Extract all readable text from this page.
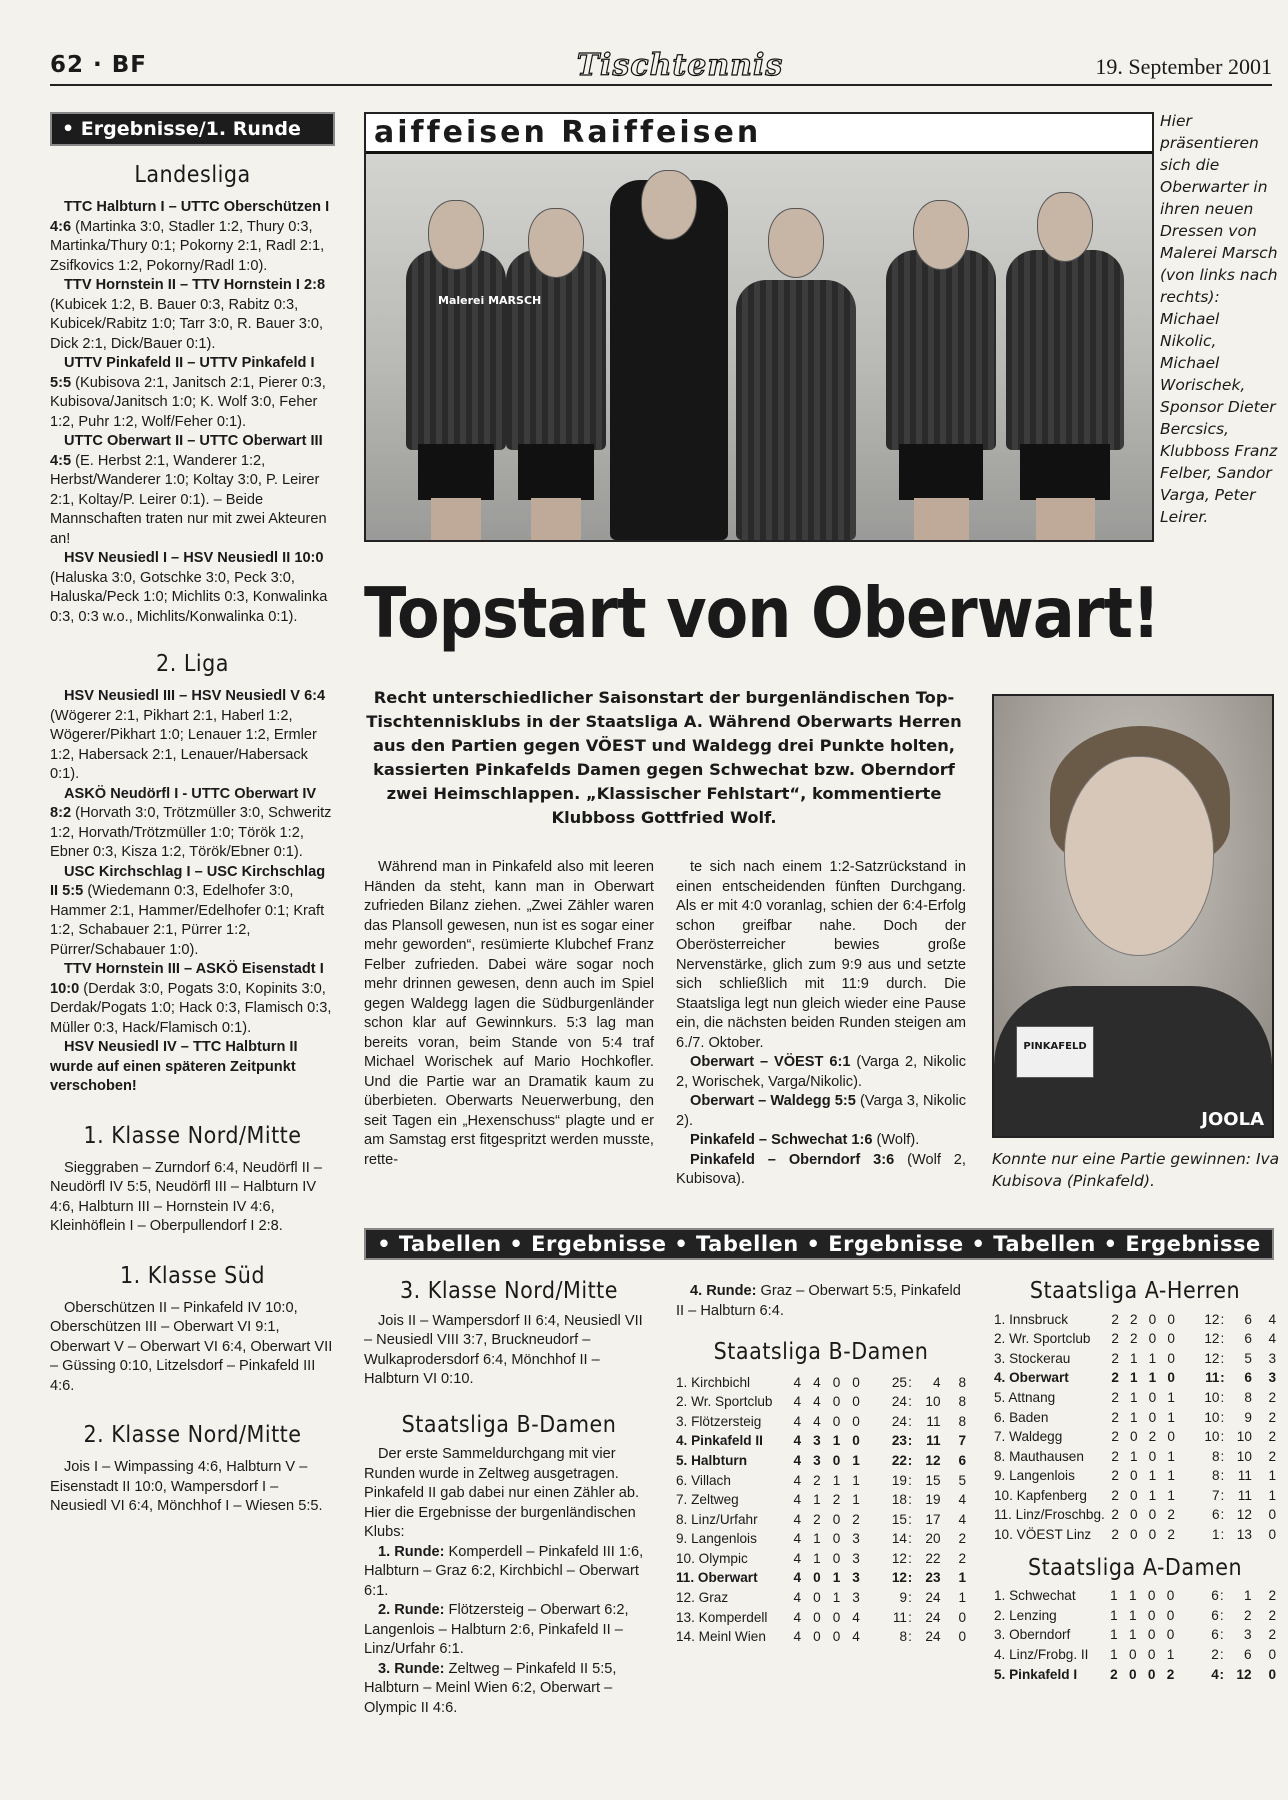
62 · BF	Tischtennis	19. September 2001
• Ergebnisse/1. Runde
Landesliga

TTC Halbturn I – UTTC Oberschützen I 4:6 (Martinka 3:0, Stadler 1:2, Thury 0:3, Martinka/Thury 0:1; Pokorny 2:1, Radl 2:1, Zsifkovics 1:2, Pokorny/Radl 1:0).

TTV Hornstein II – TTV Hornstein I 2:8 (Kubicek 1:2, B. Bauer 0:3, Rabitz 0:3, Kubicek/Rabitz 1:0; Tarr 3:0, R. Bauer 3:0, Dick 2:1, Dick/Bauer 0:1).

UTTV Pinkafeld II – UTTV Pinkafeld I 5:5 (Kubisova 2:1, Janitsch 2:1, Pierer 0:3, Kubisova/Janitsch 1:0; K. Wolf 3:0, Feher 1:2, Puhr 1:2, Wolf/Feher 0:1).

UTTC Oberwart II – UTTC Oberwart III 4:5 (E. Herbst 2:1, Wanderer 1:2, Herbst/Wanderer 1:0; Koltay 3:0, P. Leirer 2:1, Koltay/P. Leirer 0:1). – Beide Mannschaften traten nur mit zwei Akteuren an!

HSV Neusiedl I – HSV Neusiedl II 10:0 (Haluska 3:0, Gotschke 3:0, Peck 3:0, Haluska/Peck 1:0; Michlits 0:3, Konwalinka 0:3, 0:3 w.o., Michlits/Konwalinka 0:1).

2. Liga

HSV Neusiedl III – HSV Neusiedl V 6:4 (Wögerer 2:1, Pikhart 2:1, Haberl 1:2, Wögerer/Pikhart 1:0; Lenauer 1:2, Ermler 1:2, Habersack 2:1, Lenauer/Habersack 0:1).

ASKÖ Neudörfl I - UTTC Oberwart IV 8:2 (Horvath 3:0, Trötzmüller 3:0, Schweritz 1:2, Horvath/Trötzmüller 1:0; Török 1:2, Ebner 0:3, Kisza 1:2, Török/Ebner 0:1).

USC Kirchschlag I – USC Kirchschlag II 5:5 (Wiedemann 0:3, Edelhofer 3:0, Hammer 2:1, Hammer/Edelhofer 0:1; Kraft 1:2, Schabauer 2:1, Pürrer 1:2, Pürrer/Schabauer 1:0).

TTV Hornstein III – ASKÖ Eisenstadt I 10:0 (Derdak 3:0, Pogats 3:0, Kopinits 3:0, Derdak/Pogats 1:0; Hack 0:3, Flamisch 0:3, Müller 0:3, Hack/Flamisch 0:1).

HSV Neusiedl IV – TTC Halbturn II wurde auf einen späteren Zeitpunkt verschoben!

1. Klasse Nord/Mitte

Sieggraben – Zurndorf 6:4, Neudörfl II – Neudörfl IV 5:5, Neudörfl III – Halbturn IV 4:6, Halbturn III – Hornstein IV 4:6, Kleinhöflein I – Oberpullendorf I 2:8.

1. Klasse Süd

Oberschützen II – Pinkafeld IV 10:0, Oberschützen III – Oberwart VI 9:1, Oberwart V – Oberwart VI 6:4, Oberwart VII – Güssing 0:10, Litzelsdorf – Pinkafeld III 4:6.

2. Klasse Nord/Mitte

Jois I – Wimpassing 4:6, Halbturn V – Eisenstadt II 10:0, Wampersdorf I – Neusiedl VI 6:4, Mönchhof I – Wiesen 5:5.

aiffeisen Raiffeisen
Malerei MARSCH
Hier präsentieren sich die Oberwarter in ihren neuen Dressen von Malerei Marsch (von links nach rechts): Michael Nikolic, Michael Worischek, Sponsor Dieter Bercsics, Klubboss Franz Felber, Sandor Varga, Peter Leirer.
Topstart von Oberwart!
Recht unterschiedlicher Saisonstart der burgenländischen Top-Tischtennisklubs in der Staatsliga A. Während Oberwarts Herren aus den Partien gegen VÖEST und Waldegg drei Punkte holten, kassierten Pinkafelds Damen gegen Schwechat bzw. Oberndorf zwei Heimschlappen. „Klassischer Fehlstart“, kommentierte Klubboss Gottfried Wolf.

Während man in Pinkafeld also mit leeren Händen da steht, kann man in Oberwart zufrieden Bilanz ziehen. „Zwei Zähler waren das Plansoll gewesen, nun ist es sogar einer mehr geworden“, resümierte Klubchef Franz Felber zufrieden. Dabei wäre sogar noch mehr drinnen gewesen, denn auch im Spiel gegen Waldegg lagen die Südburgenländer schon klar auf Gewinnkurs. 5:3 lag man bereits voran, beim Stande von 5:4 traf Michael Worischek auf Mario Hochkofler. Und die Partie war an Dramatik kaum zu überbieten. Oberwarts Neuerwerbung, den seit Tagen ein „Hexenschuss“ plagte und er am Samstag erst fitgespritzt werden musste, rette-

te sich nach einem 1:2-Satzrückstand in einen entscheidenden fünften Durchgang. Als er mit 4:0 voranlag, schien der 6:4-Erfolg schon greifbar nahe. Doch der Oberösterreicher bewies große Nervenstärke, glich zum 9:9 aus und setzte sich schließlich mit 11:9 durch. Die Staatsliga legt nun gleich wieder eine Pause ein, die nächsten beiden Runden steigen am 6./7. Oktober.

Oberwart – VÖEST 6:1 (Varga 2, Nikolic 2, Worischek, Varga/Nikolic).

Oberwart – Waldegg 5:5 (Varga 3, Nikolic 2).

Pinkafeld – Schwechat 1:6 (Wolf).

Pinkafeld – Oberndorf 3:6 (Wolf 2, Kubisova).

PINKAFELD
JOOLA
Konnte nur eine Partie gewinnen: Iva Kubisova (Pinkafeld).
• Tabellen • Ergebnisse • Tabellen • Ergebnisse • Tabellen • Ergebnisse
3. Klasse Nord/Mitte

Jois II – Wampersdorf II 6:4, Neusiedl VII – Neusiedl VIII 3:7, Bruckneudorf – Wulkaprodersdorf 6:4, Mönchhof II – Halbturn VI 0:10.

Staatsliga B-Damen

Der erste Sammeldurchgang mit vier Runden wurde in Zeltweg ausgetragen. Pinkafeld II gab dabei nur einen Zähler ab. Hier die Ergebnisse der burgenländischen Klubs:

1. Runde: Komperdell – Pinkafeld III 1:6, Halbturn – Graz 6:2, Kirchbichl – Oberwart 6:1.

2. Runde: Flötzersteig – Oberwart 6:2, Langenlois – Halbturn 2:6, Pinkafeld II – Linz/Urfahr 6:1.

3. Runde: Zeltweg – Pinkafeld II 5:5, Halbturn – Meinl Wien 6:2, Oberwart – Olympic II 4:6.

4. Runde: Graz – Oberwart 5:5, Pinkafeld II – Halbturn 6:4.

Staatsliga B-Damen
1. Kirchbichl	4	4	0	0	25	:	4	8
2. Wr. Sportclub	4	4	0	0	24	:	10	8
3. Flötzersteig	4	4	0	0	24	:	11	8
4. Pinkafeld II	4	3	1	0	23	:	11	7
5. Halbturn	4	3	0	1	22	:	12	6
6. Villach	4	2	1	1	19	:	15	5
7. Zeltweg	4	1	2	1	18	:	19	4
8. Linz/Urfahr	4	2	0	2	15	:	17	4
9. Langenlois	4	1	0	3	14	:	20	2
10. Olympic	4	1	0	3	12	:	22	2
11. Oberwart	4	0	1	3	12	:	23	1
12. Graz	4	0	1	3	9	:	24	1
13. Komperdell	4	0	0	4	11	:	24	0
14. Meinl Wien	4	0	0	4	8	:	24	0
Staatsliga A-Herren
1. Innsbruck	2	2	0	0	12	:	6	4
2. Wr. Sportclub	2	2	0	0	12	:	6	4
3. Stockerau	2	1	1	0	12	:	5	3
4. Oberwart	2	1	1	0	11	:	6	3
5. Attnang	2	1	0	1	10	:	8	2
6. Baden	2	1	0	1	10	:	9	2
7. Waldegg	2	0	2	0	10	:	10	2
8. Mauthausen	2	1	0	1	8	:	10	2
9. Langenlois	2	0	1	1	8	:	11	1
10. Kapfenberg	2	0	1	1	7	:	11	1
11. Linz/Froschbg.	2	0	0	2	6	:	12	0
10. VÖEST Linz	2	0	0	2	1	:	13	0
Staatsliga A-Damen
1. Schwechat	1	1	0	0	6	:	1	2
2. Lenzing	1	1	0	0	6	:	2	2
3. Oberndorf	1	1	0	0	6	:	3	2
4. Linz/Frobg. II	1	0	0	1	2	:	6	0
5. Pinkafeld I	2	0	0	2	4	:	12	0
